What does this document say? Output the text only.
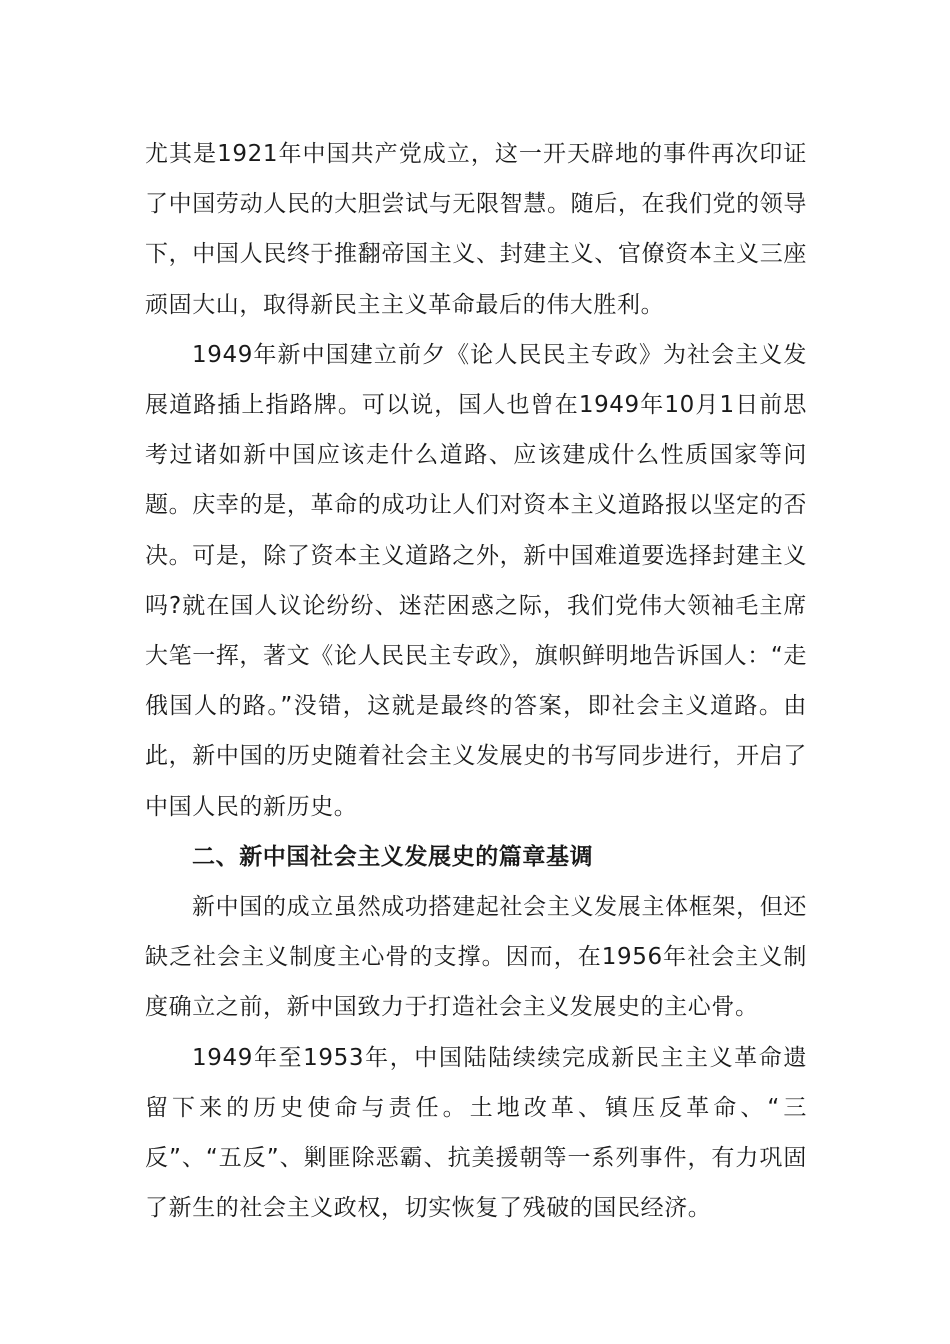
尤其是1921年中国共产党成立，这一开天辟地的事件再次印证了中国劳动人民的大胆尝试与无限智慧。随后，在我们党的领导下，中国人民终于推翻帝国主义、封建主义、官僚资本主义三座顽固大山，取得新民主主义革命最后的伟大胜利。

1949年新中国建立前夕《论人民民主专政》为社会主义发展道路插上指路牌。可以说，国人也曾在1949年10月1日前思考过诸如新中国应该走什么道路、应该建成什么性质国家等问题。庆幸的是，革命的成功让人们对资本主义道路报以坚定的否决。可是，除了资本主义道路之外，新中国难道要选择封建主义吗?就在国人议论纷纷、迷茫困惑之际，我们党伟大领袖毛主席大笔一挥，著文《论人民民主专政》，旗帜鲜明地告诉国人：“走俄国人的路。”没错，这就是最终的答案，即社会主义道路。由此，新中国的历史随着社会主义发展史的书写同步进行，开启了中国人民的新历史。

二、新中国社会主义发展史的篇章基调

新中国的成立虽然成功搭建起社会主义发展主体框架，但还缺乏社会主义制度主心骨的支撑。因而，在1956年社会主义制度确立之前，新中国致力于打造社会主义发展史的主心骨。

1949年至1953年，中国陆陆续续完成新民主主义革命遗留下来的历史使命与责任。土地改革、镇压反革命、“三反”、“五反”、剿匪除恶霸、抗美援朝等一系列事件，有力巩固了新生的社会主义政权，切实恢复了残破的国民经济。
